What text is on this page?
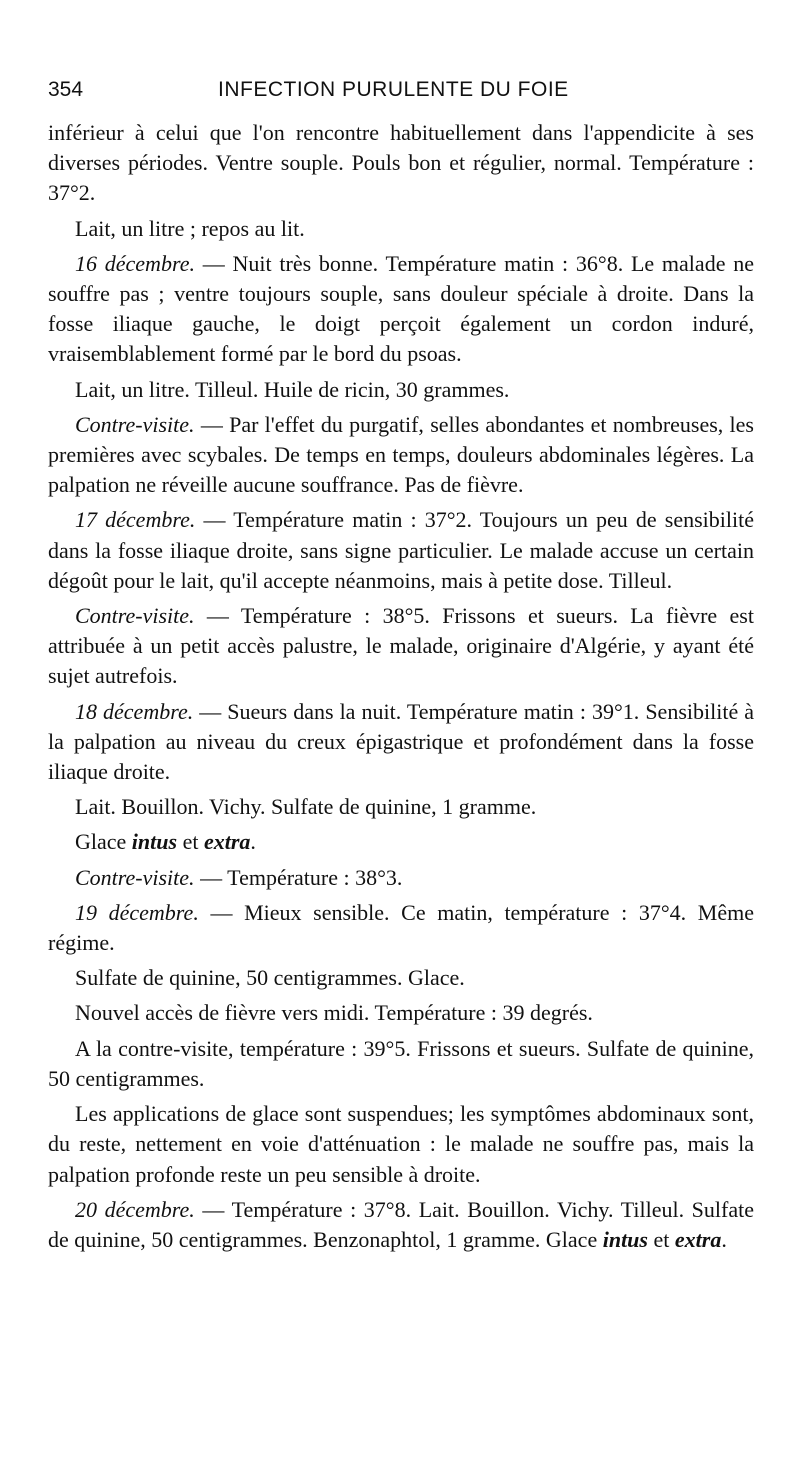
354	INFECTION PURULENTE DU FOIE

inférieur à celui que l'on rencontre habituellement dans l'appendicite à ses diverses périodes. Ventre souple. Pouls bon et régulier, normal. Température : 37°2.

Lait, un litre ; repos au lit.

16 décembre. — Nuit très bonne. Température matin : 36°8. Le malade ne souffre pas ; ventre toujours souple, sans douleur spéciale à droite. Dans la fosse iliaque gauche, le doigt perçoit également un cordon induré, vraisemblablement formé par le bord du psoas.

Lait, un litre. Tilleul. Huile de ricin, 30 grammes.

Contre-visite. — Par l'effet du purgatif, selles abondantes et nombreuses, les premières avec scybales. De temps en temps, douleurs abdominales légères. La palpation ne réveille aucune souffrance. Pas de fièvre.

17 décembre. — Température matin : 37°2. Toujours un peu de sensibilité dans la fosse iliaque droite, sans signe particulier. Le malade accuse un certain dégoût pour le lait, qu'il accepte néanmoins, mais à petite dose. Tilleul.

Contre-visite. — Température : 38°5. Frissons et sueurs. La fièvre est attribuée à un petit accès palustre, le malade, originaire d'Algérie, y ayant été sujet autrefois.

18 décembre. — Sueurs dans la nuit. Température matin : 39°1. Sensibilité à la palpation au niveau du creux épigastrique et profondément dans la fosse iliaque droite.

Lait. Bouillon. Vichy. Sulfate de quinine, 1 gramme.

Glace intus et extra.

Contre-visite. — Température : 38°3.

19 décembre. — Mieux sensible. Ce matin, température : 37°4. Même régime.

Sulfate de quinine, 50 centigrammes. Glace.

Nouvel accès de fièvre vers midi. Température : 39 degrés.

A la contre-visite, température : 39°5. Frissons et sueurs. Sulfate de quinine, 50 centigrammes.

Les applications de glace sont suspendues; les symptômes abdominaux sont, du reste, nettement en voie d'atténuation : le malade ne souffre pas, mais la palpation profonde reste un peu sensible à droite.

20 décembre. — Température : 37°8. Lait. Bouillon. Vichy. Tilleul. Sulfate de quinine, 50 centigrammes. Benzonaphtol, 1 gramme. Glace intus et extra.
